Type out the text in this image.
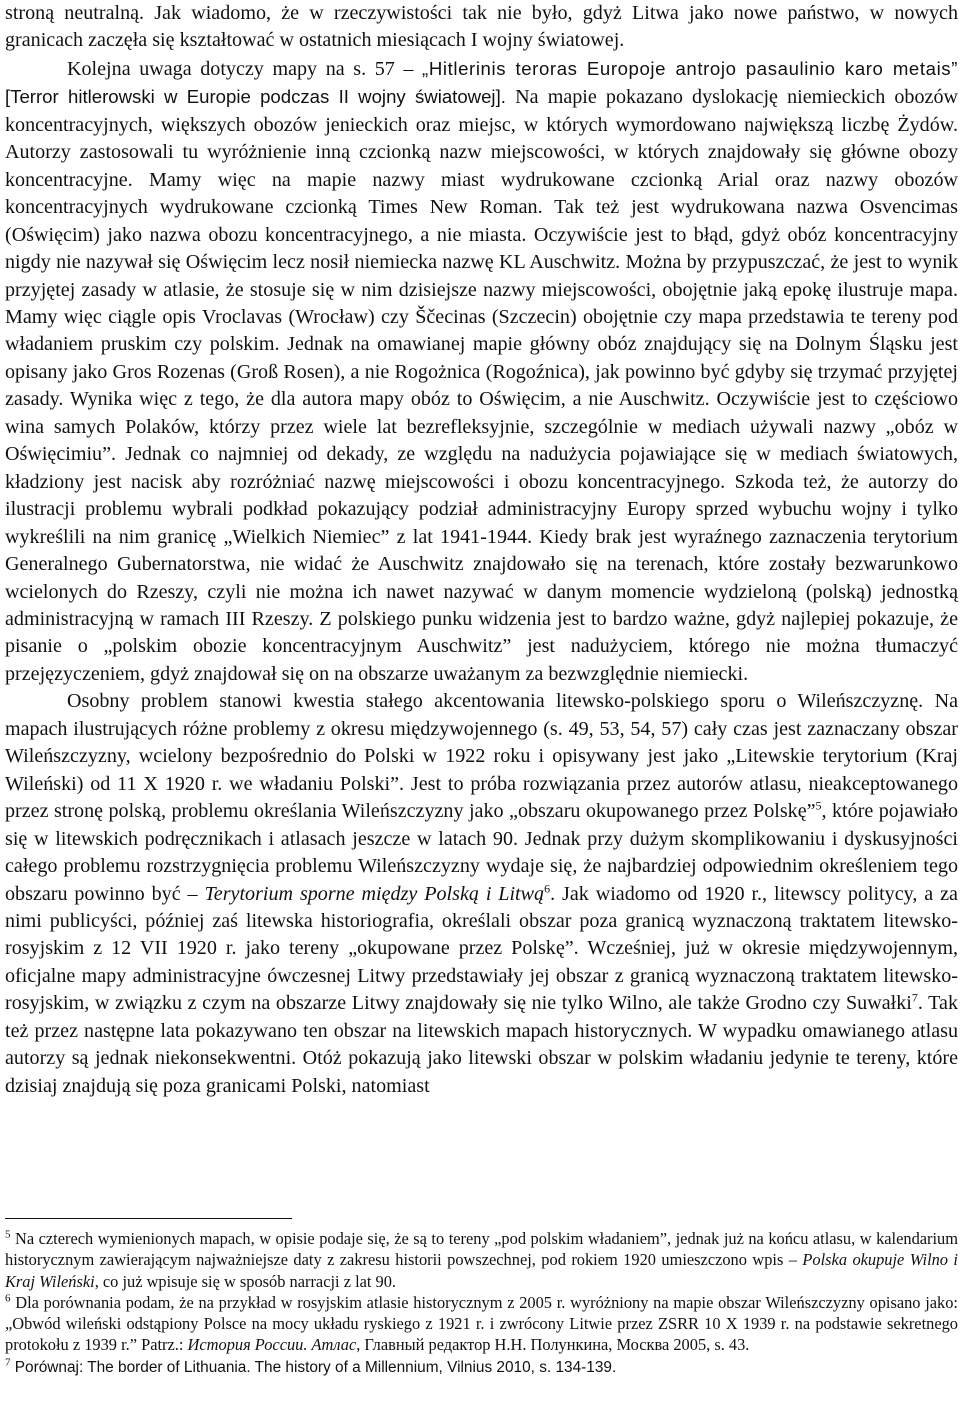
stroną neutralną. Jak wiadomo, że w rzeczywistości tak nie było, gdyż Litwa jako nowe państwo, w nowych granicach zaczęła się kształtować w ostatnich miesiącach I wojny światowej.

Kolejna uwaga dotyczy mapy na s. 57 – „Hitlerinis teroras Europoje antrojo pasaulinio karo metais” [Terror hitlerowski w Europie podczas II wojny światowej]. Na mapie pokazano dyslokację niemieckich obozów koncentracyjnych, większych obozów jenieckich oraz miejsc, w których wymordowano największą liczbę Żydów. Autorzy zastosowali tu wyróżnienie inną czcionką nazw miejscowości, w których znajdowały się główne obozy koncentracyjne. Mamy więc na mapie nazwy miast wydrukowane czcionką Arial oraz nazwy obozów koncentracyjnych wydrukowane czcionką Times New Roman. Tak też jest wydrukowana nazwa Osvencimas (Oświęcim) jako nazwa obozu koncentracyjnego, a nie miasta. Oczywiście jest to błąd, gdyż obóz koncentracyjny nigdy nie nazywał się Oświęcim lecz nosił niemiecka nazwę KL Auschwitz. Można by przypuszczać, że jest to wynik przyjętej zasady w atlasie, że stosuje się w nim dzisiejsze nazwy miejscowości, obojętnie jaką epokę ilustruje mapa. Mamy więc ciągle opis Vroclavas (Wrocław) czy Ščecinas (Szczecin) obojętnie czy mapa przedstawia te tereny pod władaniem pruskim czy polskim. Jednak na omawianej mapie główny obóz znajdujący się na Dolnym Śląsku jest opisany jako Gros Rozenas (Groß Rosen), a nie Rogożnica (Rogoźnica), jak powinno być gdyby się trzymać przyjętej zasady. Wynika więc z tego, że dla autora mapy obóz to Oświęcim, a nie Auschwitz. Oczywiście jest to częściowo wina samych Polaków, którzy przez wiele lat bezrefleksyjnie, szczególnie w mediach używali nazwy „obóz w Oświęcimiu”. Jednak co najmniej od dekady, ze względu na nadużycia pojawiające się w mediach światowych, kładziony jest nacisk aby rozróżniać nazwę miejscowości i obozu koncentracyjnego. Szkoda też, że autorzy do ilustracji problemu wybrali podkład pokazujący podział administracyjny Europy sprzed wybuchu wojny i tylko wykreślili na nim granicę „Wielkich Niemiec” z lat 1941-1944. Kiedy brak jest wyraźnego zaznaczenia terytorium Generalnego Gubernatorstwa, nie widać że Auschwitz znajdowało się na terenach, które zostały bezwarunkowo wcielonych do Rzeszy, czyli nie można ich nawet nazywać w danym momencie wydzieloną (polską) jednostką administracyjną w ramach III Rzeszy. Z polskiego punku widzenia jest to bardzo ważne, gdyż najlepiej pokazuje, że pisanie o „polskim obozie koncentracyjnym Auschwitz” jest nadużyciem, którego nie można tłumaczyć przejęzyczeniem, gdyż znajdował się on na obszarze uważanym za bezwzględnie niemiecki.

Osobny problem stanowi kwestia stałego akcentowania litewsko-polskiego sporu o Wileńszczyznę. Na mapach ilustrujących różne problemy z okresu międzywojennego (s. 49, 53, 54, 57) cały czas jest zaznaczany obszar Wileńszczyzny, wcielony bezpośrednio do Polski w 1922 roku i opisywany jest jako „Litewskie terytorium (Kraj Wileński) od 11 X 1920 r. we władaniu Polski”. Jest to próba rozwiązania przez autorów atlasu, nieakceptowanego przez stronę polską, problemu określania Wileńszczyzny jako „obszaru okupowanego przez Polskę”$^5$, które pojawiało się w litewskich podręcznikach i atlasach jeszcze w latach 90. Jednak przy dużym skomplikowaniu i dyskusyjności całego problemu rozstrzygnięcia problemu Wileńszczyzny wydaje się, że najbardziej odpowiednim określeniem tego obszaru powinno być – Terytorium sporne między Polską i Litwą$^6$. Jak wiadomo od 1920 r., litewscy politycy, a za nimi publicyści, później zaś litewska historiografia, określali obszar poza granicą wyznaczoną traktatem litewsko-rosyjskim z 12 VII 1920 r. jako tereny „okupowane przez Polskę”. Wcześniej, już w okresie międzywojennym, oficjalne mapy administracyjne ówczesnej Litwy przedstawiały jej obszar z granicą wyznaczoną traktatem litewsko-rosyjskim, w związku z czym na obszarze Litwy znajdowały się nie tylko Wilno, ale także Grodno czy Suwałki$^7$. Tak też przez następne lata pokazywano ten obszar na litewskich mapach historycznych. W wypadku omawianego atlasu autorzy są jednak niekonsekwentni. Otóż pokazują jako litewski obszar w polskim władaniu jedynie te tereny, które dzisiaj znajdują się poza granicami Polski, natomiast

$^5$ Na czterech wymienionych mapach, w opisie podaje się, że są to tereny „pod polskim władaniem”, jednak już na końcu atlasu, w kalendarium historycznym zawierającym najważniejsze daty z zakresu historii powszechnej, pod rokiem 1920 umieszczono wpis – Polska okupuje Wilno i Kraj Wileński, co już wpisuje się w sposób narracji z lat 90.

$^6$ Dla porównania podam, że na przykład w rosyjskim atlasie historycznym z 2005 r. wyróżniony na mapie obszar Wileńszczyzny opisano jako: „Obwód wileński odstąpiony Polsce na mocy układu ryskiego z 1921 r. i zwrócony Litwie przez ZSRR 10 X 1939 r. na podstawie sekretnego protokołu z 1939 r.” Patrz.: История России. Атлас, Главный редактор Н.Н. Полункина, Москва 2005, s. 43.

$^7$ Porównaj: The border of Lithuania. The history of a Millennium, Vilnius 2010, s. 134-139.
